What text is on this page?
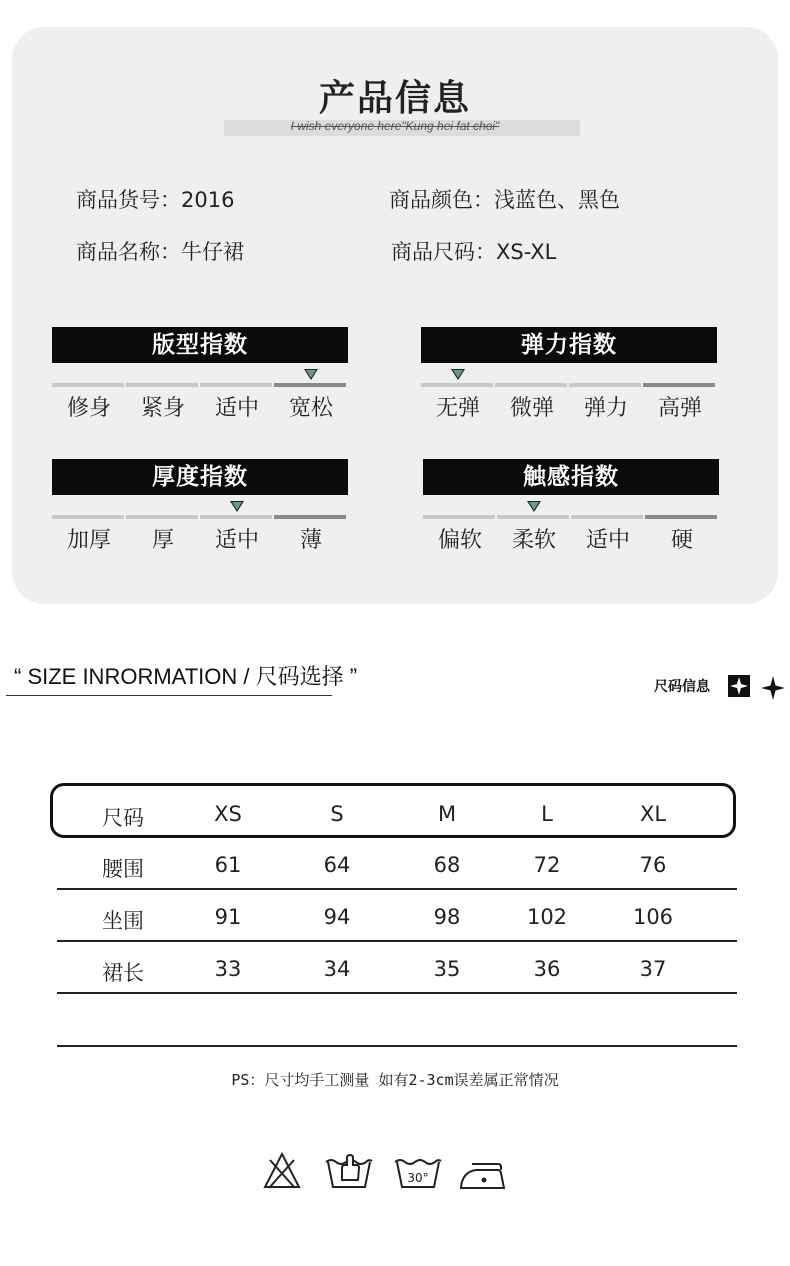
产品信息
I wish everyone here"Kung hei fat choi"
商品货号：2016	商品颜色：浅蓝色、黑色
商品名称：牛仔裙	商品尺码：XS-XL
版型指数
修身	紧身	适中	宽松
弹力指数
无弹	微弹	弹力	高弹
厚度指数
加厚	厚	适中	薄
触感指数
偏软	柔软	适中	硬
“ SIZE INRORMATION / 尺码选择 ”	尺码信息
尺码	XS	S	M	L	XL
腰围	61	64	68	72	76
坐围	91	94	98	102	106
裙长	33	34	35	36	37
PS：尺寸均手工测量 如有2-3cm误差属正常情况
30°
